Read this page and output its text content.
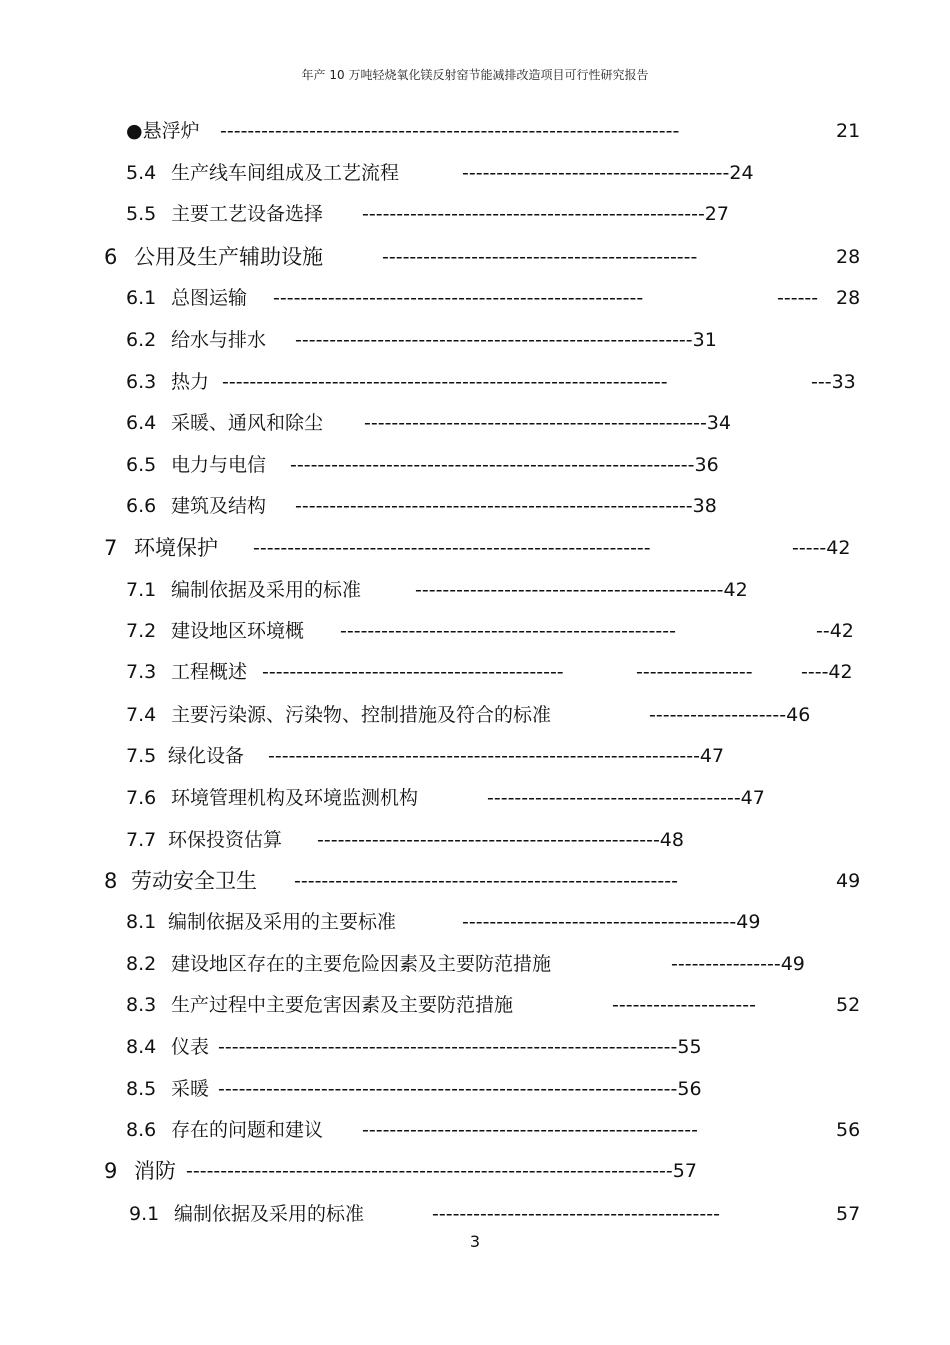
年产 10 万吨轻烧氧化镁反射窑节能减排改造项目可行性研究报告
●悬浮炉 -------------------------------------------------------------------	21
5.4 生产线车间组成及工艺流程	---------------------------------------24
5.5 主要工艺设备选择 --------------------------------------------------27
6 公用及生产辅助设施	----------------------------------------------	28
6.1 总图运输 ------------------------------------------------------	------ 28
6.2 给水与排水 ----------------------------------------------------------31
6.3 热力 -----------------------------------------------------------------	---33
6.4 采暖、通风和除尘 --------------------------------------------------34
6.5 电力与电信 -----------------------------------------------------------36
6.6 建筑及结构 ----------------------------------------------------------38
7 环境保护 ----------------------------------------------------------	-----42
7.1 编制依据及采用的标准	---------------------------------------------42
7.2 建设地区环境概 -------------------------------------------------	--42
7.3 工程概述 --------------------------------------------	-----------------	----42
7.4 主要污染源、污染物、控制措施及符合的标准	--------------------46
7.5 绿化设备 ---------------------------------------------------------------47
7.6 环境管理机构及环境监测机构	-------------------------------------47
7.7 环保投资估算 --------------------------------------------------48
8 劳动安全卫生 --------------------------------------------------------	49
8.1 编制依据及采用的主要标准	----------------------------------------49
8.2 建设地区存在的主要危险因素及主要防范措施	----------------49
8.3 生产过程中主要危害因素及主要防范措施	---------------------	52
8.4 仪表 -------------------------------------------------------------------55
8.5 采暖 -------------------------------------------------------------------56
8.6 存在的问题和建议 -------------------------------------------------	56
9 消防 -----------------------------------------------------------------------57
9.1 编制依据及采用的标准	------------------------------------------	57
3
